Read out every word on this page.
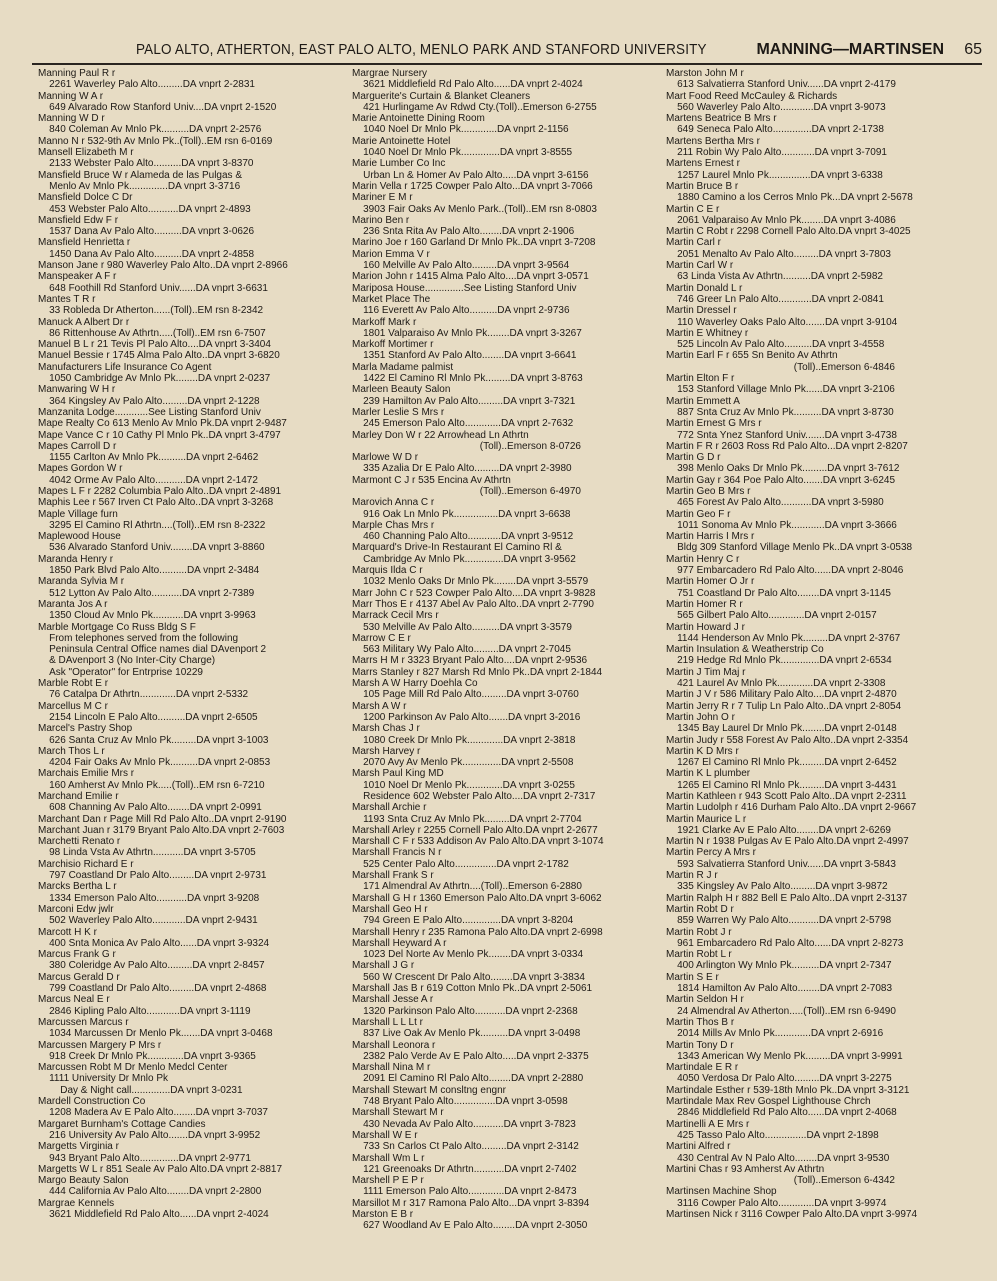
PALO ALTO, ATHERTON, EAST PALO ALTO, MENLO PARK AND STANFORD UNIVERSITY	MANNING—MARTINSEN 65
Manning Paul R r
2261 Waverley Palo Alto.........DA vnprt 2-2831
Manning W A r
649 Alvarado Row Stanford Univ....DA vnprt 2-1520
Manning W D r
840 Coleman Av Mnlo Pk..........DA vnprt 2-2576
Manno N r 532-9th Av Mnlo Pk..(Toll)..EM rsn 6-0169
Mansell Elizabeth M r
2133 Webster Palo Alto..........DA vnprt 3-8370
Mansfield Bruce W r Alameda de las Pulgas &
Menlo Av Mnlo Pk..............DA vnprt 3-3716
Mansfield Dolce C Dr
453 Webster Palo Alto...........DA vnprt 2-4893
Mansfield Edw F r
1537 Dana Av Palo Alto..........DA vnprt 3-0626
Mansfield Henrietta r
1450 Dana Av Palo Alto..........DA vnprt 2-4858
Manson Jane r 980 Waverley Palo Alto..DA vnprt 2-8966
Manspeaker A F r
648 Foothill Rd Stanford Univ......DA vnprt 3-6631
Mantes T R r
33 Robleda Dr Atherton......(Toll)..EM rsn 8-2342
Manuck A Albert Dr r
86 Rittenhouse Av Athrtn.....(Toll)..EM rsn 6-7507
Manuel B L r 21 Tevis Pl Palo Alto....DA vnprt 3-3404
Manuel Bessie r 1745 Alma Palo Alto..DA vnprt 3-6820
Manufacturers Life Insurance Co Agent
1050 Cambridge Av Mnlo Pk........DA vnprt 2-0237
Manwaring W H r
364 Kingsley Av Palo Alto.........DA vnprt 2-1228
Manzanita Lodge............See Listing Stanford Univ
Mape Realty Co 613 Menlo Av Mnlo Pk.DA vnprt 2-9487
Mape Vance C r 10 Cathy Pl Mnlo Pk..DA vnprt 3-4797
Mapes Carroll D r
1155 Carlton Av Mnlo Pk..........DA vnprt 2-6462
Mapes Gordon W r
4042 Orme Av Palo Alto...........DA vnprt 2-1472
Mapes L F r 2282 Columbia Palo Alto..DA vnprt 2-4891
Maphis Lee r 567 Irven Ct Palo Alto..DA vnprt 3-3268
Maple Village furn
3295 El Camino Rl Athrtn....(Toll)..EM rsn 8-2322
Maplewood House
536 Alvarado Stanford Univ........DA vnprt 3-8860
Maranda Henry r
1850 Park Blvd Palo Alto..........DA vnprt 2-3484
Maranda Sylvia M r
512 Lytton Av Palo Alto...........DA vnprt 2-7389
Maranta Jos A r
1350 Cloud Av Mnlo Pk...........DA vnprt 3-9963
Marble Mortgage Co Russ Bldg S F
From telephones served from the following
Peninsula Central Office names dial DAvenport 2
& DAvenport 3 (No Inter-City Charge)
Ask "Operator" for Entrprise 10229
Marble Robt E r
76 Catalpa Dr Athrtn.............DA vnprt 2-5332
Marcellus M C r
2154 Lincoln E Palo Alto..........DA vnprt 2-6505
Marcel's Pastry Shop
626 Santa Cruz Av Mnlo Pk.........DA vnprt 3-1003
March Thos L r
4204 Fair Oaks Av Mnlo Pk..........DA vnprt 2-0853
Marchais Emilie Mrs r
160 Amherst Av Mnlo Pk.....(Toll)..EM rsn 6-7210
Marchand Emilie r
608 Channing Av Palo Alto........DA vnprt 2-0991
Marchant Dan r Page Mill Rd Palo Alto..DA vnprt 2-9190
Marchant Juan r 3179 Bryant Palo Alto.DA vnprt 2-7603
Marchetti Renato r
98 Linda Vsta Av Athrtn...........DA vnprt 3-5705
Marchisio Richard E r
797 Coastland Dr Palo Alto.........DA vnprt 2-9731
Marcks Bertha L r
1334 Emerson Palo Alto...........DA vnprt 3-9208
Marconi Edw jwlr
502 Waverley Palo Alto............DA vnprt 2-9431
Marcott H K r
400 Snta Monica Av Palo Alto......DA vnprt 3-9324
Marcus Frank G r
380 Coleridge Av Palo Alto.........DA vnprt 2-8457
Marcus Gerald D r
799 Coastland Dr Palo Alto.........DA vnprt 2-4868
Marcus Neal E r
2846 Kipling Palo Alto............DA vnprt 3-1119
Marcussen Marcus r
1034 Marcussen Dr Menlo Pk.......DA vnprt 3-0468
Marcussen Margery P Mrs r
918 Creek Dr Mnlo Pk.............DA vnprt 3-9365
Marcussen Robt M Dr Menlo Medcl Center
1111 University Dr Mnlo Pk
Day & Night call..............DA vnprt 3-0231
Mardell Construction Co
1208 Madera Av E Palo Alto........DA vnprt 3-7037
Margaret Burnham's Cottage Candies
216 University Av Palo Alto.......DA vnprt 3-9952
Margetts Virginia r
943 Bryant Palo Alto..............DA vnprt 2-9771
Margetts W L r 851 Seale Av Palo Alto.DA vnprt 2-8817
Margo Beauty Salon
444 California Av Palo Alto........DA vnprt 2-2800
Margrae Kennels
3621 Middlefield Rd Palo Alto......DA vnprt 2-4024
Margrae Nursery
3621 Middlefield Rd Palo Alto......DA vnprt 2-4024
Marguerite's Curtain & Blanket Cleaners
421 Hurlingame Av Rdwd Cty.(Toll)..Emerson 6-2755
Marie Antoinette Dining Room
1040 Noel Dr Mnlo Pk.............DA vnprt 2-1156
Marie Antoinette Hotel
1040 Noel Dr Mnlo Pk..............DA vnprt 3-8555
Marie Lumber Co Inc
Urban Ln & Homer Av Palo Alto.....DA vnprt 3-6156
Marin Vella r 1725 Cowper Palo Alto...DA vnprt 3-7066
Mariner E M r
3903 Fair Oaks Av Menlo Park..(Toll)..EM rsn 8-0803
Marino Ben r
236 Snta Rita Av Palo Alto........DA vnprt 2-1906
Marino Joe r 160 Garland Dr Mnlo Pk..DA vnprt 3-7208
Marion Emma V r
160 Melville Av Palo Alto.........DA vnprt 3-9564
Marion John r 1415 Alma Palo Alto....DA vnprt 3-0571
Mariposa House..............See Listing Stanford Univ
Market Place The
116 Everett Av Palo Alto..........DA vnprt 2-9736
Markoff Mark r
1801 Valparaiso Av Mnlo Pk........DA vnprt 3-3267
Markoff Mortimer r
1351 Stanford Av Palo Alto........DA vnprt 3-6641
Marla Madame palmist
1422 El Camino Rl Mnlo Pk.........DA vnprt 3-8763
Marleen Beauty Salon
239 Hamilton Av Palo Alto.........DA vnprt 3-7321
Marler Leslie S Mrs r
245 Emerson Palo Alto.............DA vnprt 2-7632
Marley Don W r 22 Arrowhead Ln Athrtn
(Toll)..Emerson 8-0726
Marlowe W D r
335 Azalia Dr E Palo Alto.........DA vnprt 2-3980
Marmont C J r 535 Encina Av Athrtn
(Toll)..Emerson 6-4970
Marovich Anna C r
916 Oak Ln Mnlo Pk................DA vnprt 3-6638
Marple Chas Mrs r
460 Channing Palo Alto............DA vnprt 3-9512
Marquard's Drive-In Restaurant El Camino Rl &
Cambridge Av Mnlo Pk..............DA vnprt 3-9562
Marquis Ilda C r
1032 Menlo Oaks Dr Mnlo Pk........DA vnprt 3-5579
Marr John C r 523 Cowper Palo Alto....DA vnprt 3-9828
Marr Thos E r 4137 Abel Av Palo Alto..DA vnprt 2-7790
Marrack Cecil Mrs r
530 Melville Av Palo Alto..........DA vnprt 3-3579
Marrow C E r
563 Military Wy Palo Alto.........DA vnprt 2-7045
Marrs H M r 3323 Bryant Palo Alto....DA vnprt 2-9536
Marrs Stanley r 827 Marsh Rd Mnlo Pk..DA vnprt 2-1844
Marsh A W Harry Doehla Co
105 Page Mill Rd Palo Alto.........DA vnprt 3-0760
Marsh A W r
1200 Parkinson Av Palo Alto.......DA vnprt 3-2016
Marsh Chas J r
1080 Creek Dr Mnlo Pk.............DA vnprt 2-3818
Marsh Harvey r
2070 Avy Av Menlo Pk..............DA vnprt 2-5508
Marsh Paul King MD
1010 Noel Dr Menlo Pk.............DA vnprt 3-0255
Residence 602 Webster Palo Alto....DA vnprt 2-7317
Marshall Archie r
1193 Snta Cruz Av Mnlo Pk.........DA vnprt 2-7704
Marshall Arley r 2255 Cornell Palo Alto.DA vnprt 2-2677
Marshall C F r 533 Addison Av Palo Alto.DA vnprt 3-1074
Marshall Francis N r
525 Center Palo Alto...............DA vnprt 2-1782
Marshall Frank S r
171 Almendral Av Athrtn....(Toll)..Emerson 6-2880
Marshall G H r 1360 Emerson Palo Alto.DA vnprt 3-6062
Marshall Geo H r
794 Green E Palo Alto..............DA vnprt 3-8204
Marshall Henry r 235 Ramona Palo Alto.DA vnprt 2-6998
Marshall Heyward A r
1023 Del Norte Av Menlo Pk........DA vnprt 3-0334
Marshall J G r
560 W Crescent Dr Palo Alto........DA vnprt 3-3834
Marshall Jas B r 619 Cotton Mnlo Pk..DA vnprt 2-5061
Marshall Jesse A r
1320 Parkinson Palo Alto...........DA vnprt 2-2368
Marshall L L Lt r
837 Live Oak Av Menlo Pk..........DA vnprt 3-0498
Marshall Leonora r
2382 Palo Verde Av E Palo Alto.....DA vnprt 2-3375
Marshall Nina M r
2091 El Camino Rl Palo Alto........DA vnprt 2-2880
Marshall Stewart M consltng engnr
748 Bryant Palo Alto...............DA vnprt 3-0598
Marshall Stewart M r
430 Nevada Av Palo Alto...........DA vnprt 3-7823
Marshall W E r
733 Sn Carlos Ct Palo Alto.........DA vnprt 2-3142
Marshall Wm L r
121 Greenoaks Dr Athrtn...........DA vnprt 2-7402
Marshell P E P r
1111 Emerson Palo Alto.............DA vnprt 2-8473
Marsillot M r 317 Ramona Palo Alto...DA vnprt 3-8394
Marston E B r
627 Woodland Av E Palo Alto........DA vnprt 2-3050
Marston John M r
613 Salvatierra Stanford Univ......DA vnprt 2-4179
Mart Food Reed McCauley & Richards
560 Waverley Palo Alto............DA vnprt 3-9073
Martens Beatrice B Mrs r
649 Seneca Palo Alto..............DA vnprt 2-1738
Martens Bertha Mrs r
211 Robin Wy Palo Alto............DA vnprt 3-7091
Martens Ernest r
1257 Laurel Mnlo Pk...............DA vnprt 3-6338
Martin Bruce B r
1880 Camino a los Cerros Mnlo Pk...DA vnprt 2-5678
Martin C E r
2061 Valparaiso Av Mnlo Pk........DA vnprt 3-4086
Martin C Robt r 2298 Cornell Palo Alto.DA vnprt 3-4025
Martin Carl r
2051 Menalto Av Palo Alto.........DA vnprt 3-7803
Martin Carl W r
63 Linda Vista Av Athrtn..........DA vnprt 2-5982
Martin Donald L r
746 Greer Ln Palo Alto............DA vnprt 2-0841
Martin Dressel r
110 Waverley Oaks Palo Alto.......DA vnprt 3-9104
Martin E Whitney r
525 Lincoln Av Palo Alto..........DA vnprt 3-4558
Martin Earl F r 655 Sn Benito Av Athrtn
(Toll)..Emerson 6-4846
Martin Elton F r
153 Stanford Village Mnlo Pk......DA vnprt 3-2106
Martin Emmett A
887 Snta Cruz Av Mnlo Pk..........DA vnprt 3-8730
Martin Ernest G Mrs r
772 Snta Ynez Stanford Univ.......DA vnprt 3-4738
Martin F R r 2603 Ross Rd Palo Alto...DA vnprt 2-8207
Martin G D r
398 Menlo Oaks Dr Mnlo Pk.........DA vnprt 3-7612
Martin Gay r 364 Poe Palo Alto.......DA vnprt 3-6245
Martin Geo B Mrs r
465 Forest Av Palo Alto...........DA vnprt 3-5980
Martin Geo F r
1011 Sonoma Av Mnlo Pk............DA vnprt 3-3666
Martin Harris I Mrs r
Bldg 309 Stanford Village Menlo Pk..DA vnprt 3-0538
Martin Henry C r
977 Embarcadero Rd Palo Alto......DA vnprt 2-8046
Martin Homer O Jr r
751 Coastland Dr Palo Alto........DA vnprt 3-1145
Martin Homer R r
565 Gilbert Palo Alto.............DA vnprt 2-0157
Martin Howard J r
1144 Henderson Av Mnlo Pk.........DA vnprt 2-3767
Martin Insulation & Weatherstrip Co
219 Hedge Rd Mnlo Pk..............DA vnprt 2-6534
Martin J Tim Maj r
421 Laurel Av Mnlo Pk.............DA vnprt 2-3308
Martin J V r 586 Military Palo Alto....DA vnprt 2-4870
Martin Jerry R r 7 Tulip Ln Palo Alto..DA vnprt 2-8054
Martin John O r
1345 Bay Laurel Dr Mnlo Pk........DA vnprt 2-0148
Martin Judy r 558 Forest Av Palo Alto..DA vnprt 2-3354
Martin K D Mrs r
1267 El Camino Rl Mnlo Pk.........DA vnprt 2-6452
Martin K L plumber
1265 El Camino Rl Mnlo Pk.........DA vnprt 3-4431
Martin Kathleen r 943 Scott Palo Alto..DA vnprt 2-2311
Martin Ludolph r 416 Durham Palo Alto..DA vnprt 2-9667
Martin Maurice L r
1921 Clarke Av E Palo Alto........DA vnprt 2-6269
Martin N r 1938 Pulgas Av E Palo Alto.DA vnprt 2-4997
Martin Percy A Mrs r
593 Salvatierra Stanford Univ......DA vnprt 3-5843
Martin R J r
335 Kingsley Av Palo Alto.........DA vnprt 3-9872
Martin Ralph H r 882 Bell E Palo Alto..DA vnprt 2-3137
Martin Robt D r
859 Warren Wy Palo Alto...........DA vnprt 2-5798
Martin Robt J r
961 Embarcadero Rd Palo Alto......DA vnprt 2-8273
Martin Robt L r
400 Arlington Wy Mnlo Pk..........DA vnprt 2-7347
Martin S E r
1814 Hamilton Av Palo Alto........DA vnprt 2-7083
Martin Seldon H r
24 Almendral Av Atherton.....(Toll)..EM rsn 6-9490
Martin Thos B r
2014 Mills Av Mnlo Pk.............DA vnprt 2-6916
Martin Tony D r
1343 American Wy Menlo Pk.........DA vnprt 3-9991
Martindale E R r
4050 Verdosa Dr Palo Alto.........DA vnprt 3-2275
Martindale Esther r 539-18th Mnlo Pk..DA vnprt 3-3121
Martindale Max Rev Gospel Lighthouse Chrch
2846 Middlefield Rd Palo Alto......DA vnprt 2-4068
Martinelli A E Mrs r
425 Tasso Palo Alto...............DA vnprt 2-1898
Martini Alfred r
430 Central Av N Palo Alto........DA vnprt 3-9530
Martini Chas r 93 Amherst Av Athrtn
(Toll)..Emerson 6-4342
Martinsen Machine Shop
3116 Cowper Palo Alto.............DA vnprt 3-9974
Martinsen Nick r 3116 Cowper Palo Alto.DA vnprt 3-9974
